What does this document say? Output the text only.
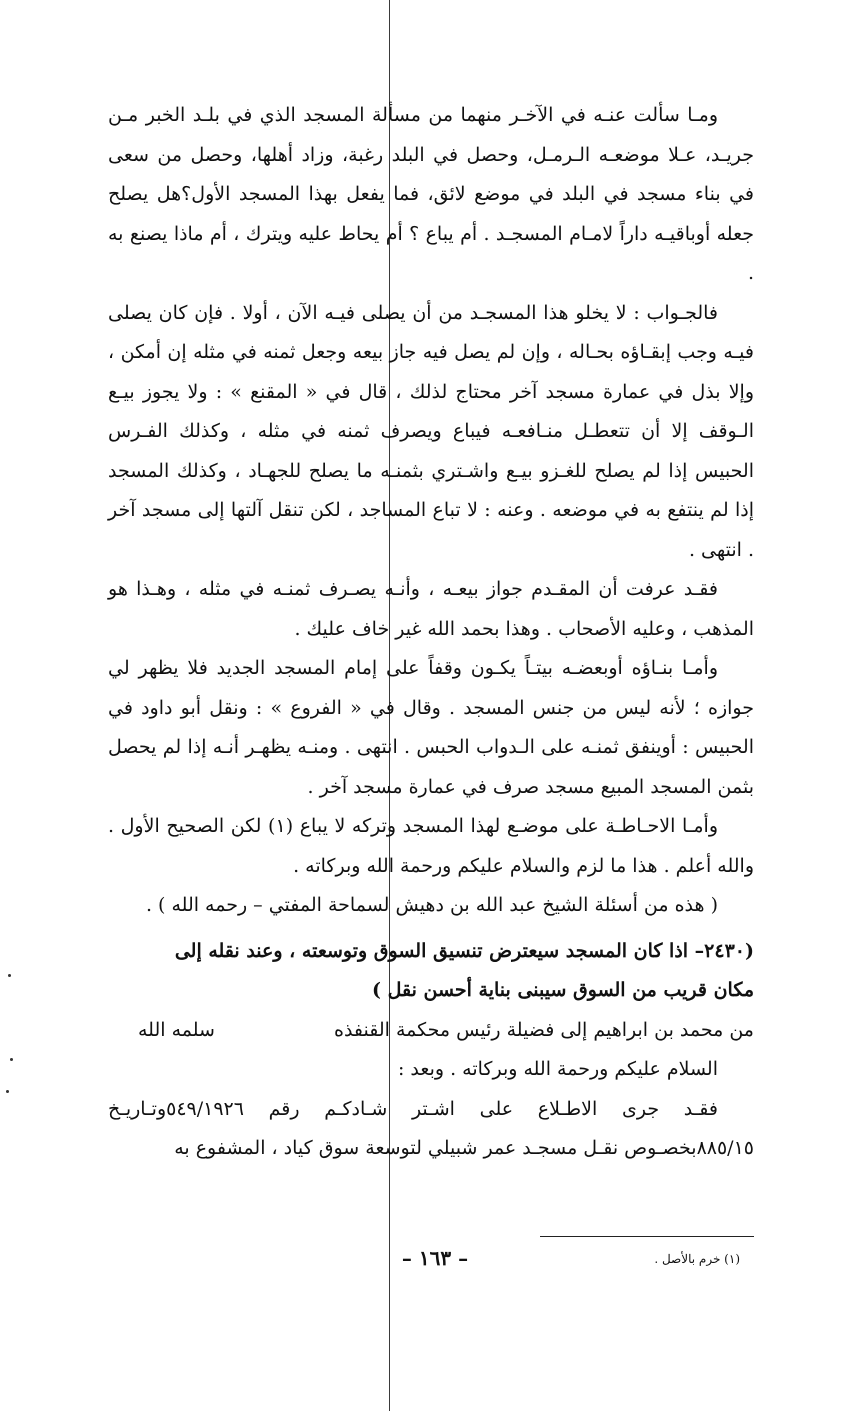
ومـا سألت عنـه في الآخـر منهما من مسألة المسجد الذي في بلـد الخبر مـن جريـد، عـلا موضعـه الـرمـل، وحصل في البلد رغبة، وزاد أهلها، وحصل من سعى في بناء مسجد في البلد في موضع لائق، فما يفعل بهذا المسجد الأول؟هل يصلح جعله أوباقيـه داراً لامـام المسجـد . أم يباع ؟ أم يحاط عليه ويترك ، أم ماذا يصنع به .

فالجـواب : لا يخلو هذا المسجـد من أن يصلى فيـه الآن ، أولا . فإن كان يصلى فيـه وجب إبقـاؤه بحـاله ، وإن لم يصل فيه جاز بيعه وجعل ثمنه في مثله إن أمكن ، وإلا بذل في عمارة مسجد آخر محتاج لذلك ، قال في « المقنع » : ولا يجوز بيـع الـوقف إلا أن تتعطـل منـافعـه فيباع ويصرف ثمنه في مثله ، وكذلك الفـرس الحبيس إذا لم يصلح للغـزو بيـع واشـتري بثمنـه ما يصلح للجهـاد ، وكذلك المسجد إذا لم ينتفع به في موضعه . وعنه : لا تباع المساجد ، لكن تنقل آلتها إلى مسجد آخر . انتهى .

فقـد عرفت أن المقـدم جواز بيعـه ، وأنـه يصـرف ثمنـه في مثله ، وهـذا هو المذهب ، وعليه الأصحاب . وهذا بحمد الله غير خاف عليك .

وأمـا بنـاؤه أوبعضـه بيتـاً يكـون وقفاً على إمام المسجد الجديد فلا يظهر لي جوازه ؛ لأنه ليس من جنس المسجد . وقال في « الفروع » : ونقل أبو داود في الحبيس : أوينفق ثمنـه على الـدواب الحبس . انتهى . ومنـه يظهـر أنـه إذا لم يحصل بثمن المسجد المبيع مسجد صرف في عمارة مسجد آخر .

وأمـا الاحـاطـة على موضـع لهذا المسجد وتركه لا يباع (١) لكن الصحيح الأول . والله أعلم . هذا ما لزم والسلام عليكم ورحمة الله وبركاته .

( هذه من أسئلة الشيخ عبد الله بن دهيش لسماحة المفتي – رحمه الله ) .

(٢٤٣٠– اذا كان المسجد سيعترض تنسيق السوق وتوسعته ، وعند نقله إلى
مكان قريب من السوق سيبنى بناية أحسن نقل )

من محمد بن ابراهيم إلى فضيلة رئيس محكمة القنفذه
سلمه الله

السلام عليكم ورحمة الله وبركاته . وبعد :

فقـد جرى الاطـلاع على اشـتر شـادكـم رقم ٥٤٩/١٩٢٦وتـاريـخ ٨٨٥/١٥بخصـوص نقـل مسجـد عمر شبيلي لتوسعة سوق كياد ، المشفوع به

– ١٦٣ –	(١) خرم بالأصل .
